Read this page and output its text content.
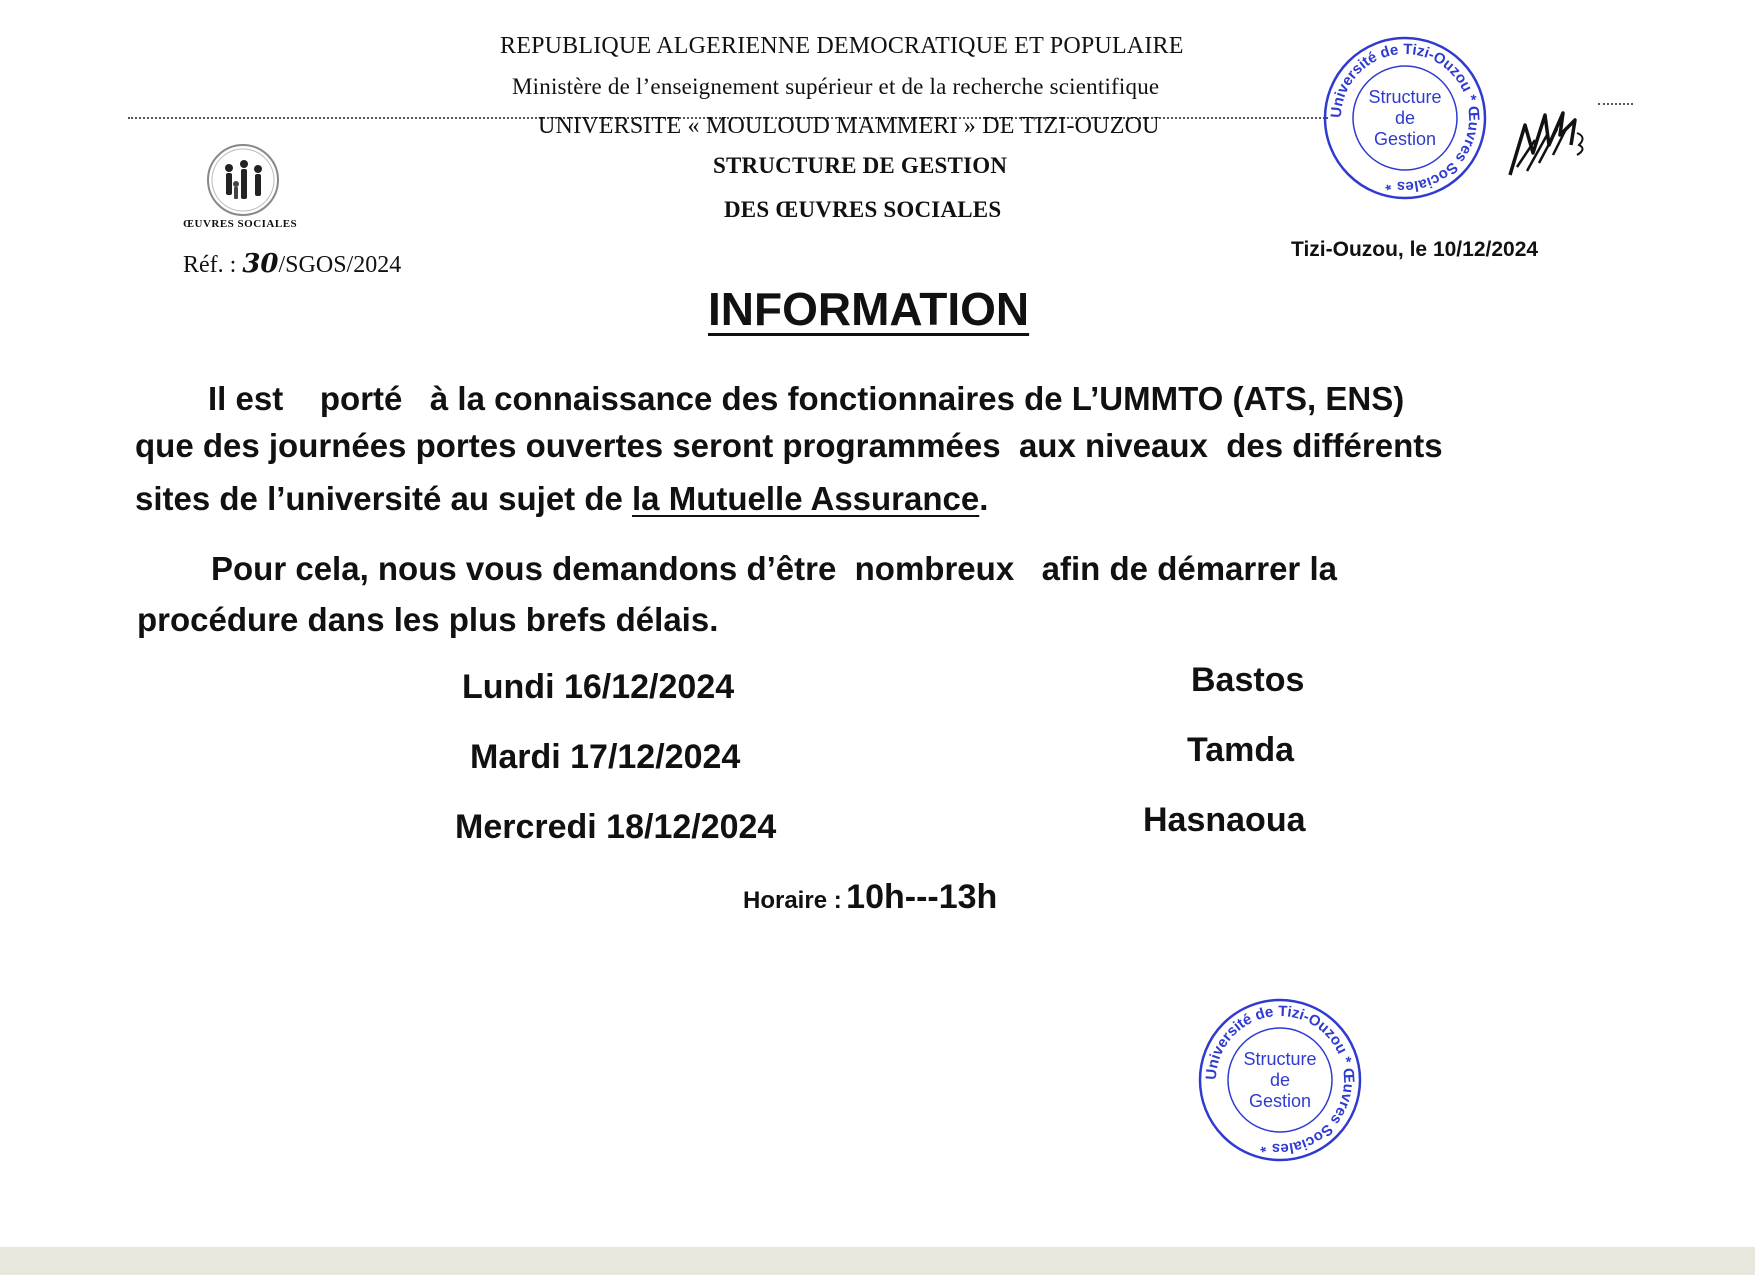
REPUBLIQUE ALGERIENNE DEMOCRATIQUE ET POPULAIRE
Ministère de l’enseignement supérieur et de la recherche scientifique
UNIVERSITE « MOULOUD MAMMERI » DE TIZI-OUZOU
STRUCTURE DE GESTION
DES ŒUVRES SOCIALES
ŒUVRES SOCIALES
Réf. : 30/SGOS/2024
Tizi-Ouzou, le 10/12/2024
Université de Tizi-Ouzou * Œuvres Sociales *
Structure
de
Gestion
INFORMATION
Il est    porté   à la connaissance des fonctionnaires de L’UMMTO (ATS, ENS)
que des journées portes ouvertes seront programmées  aux niveaux  des différents
sites de l’université au sujet de la Mutuelle Assurance.
Pour cela, nous vous demandons d’être  nombreux   afin de démarrer la
procédure dans les plus brefs délais.
Lundi 16/12/2024	Bastos
Mardi 17/12/2024	Tamda
Mercredi 18/12/2024	Hasnaoua
Horaire : 10h---13h
Université de Tizi-Ouzou * Œuvres Sociales *
Structure
de
Gestion
